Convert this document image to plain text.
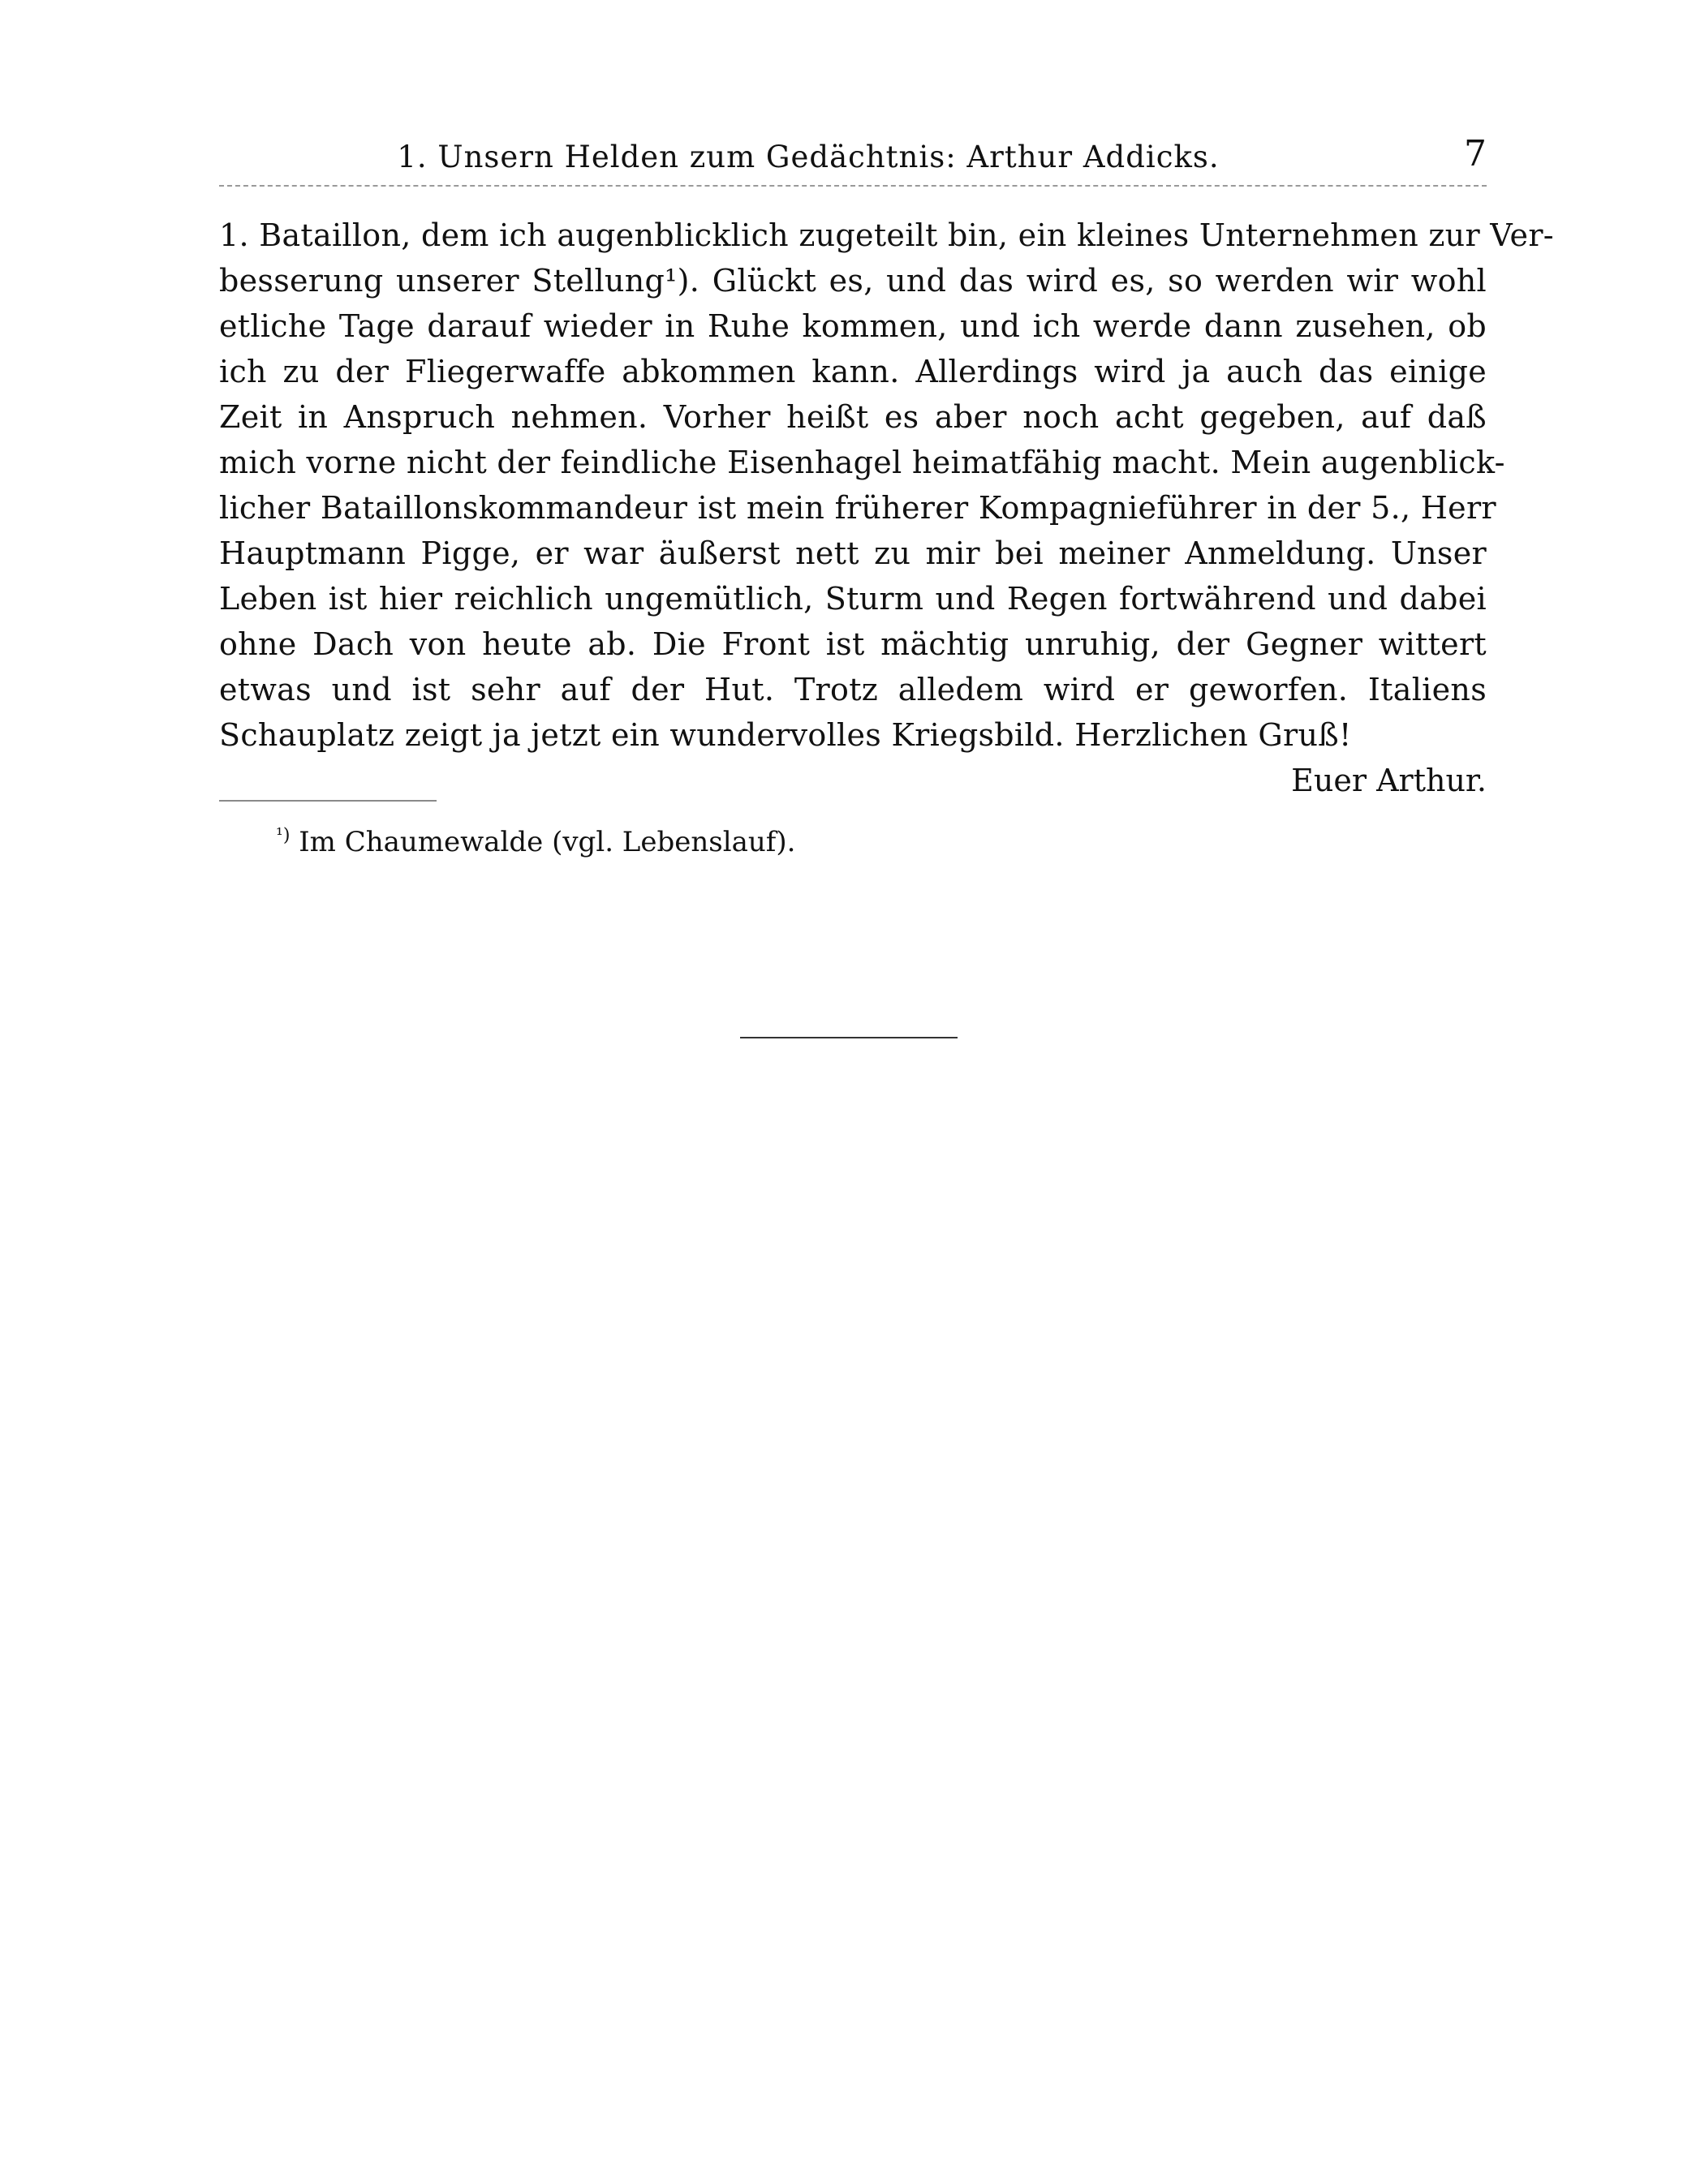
1. Unsern Helden zum Gedächtnis: Arthur Addicks.	7
1. Bataillon, dem ich augenblicklich zugeteilt bin, ein kleines Unternehmen zur Ver-
besserung unserer Stellung¹). Glückt es, und das wird es, so werden wir wohl
etliche Tage darauf wieder in Ruhe kommen, und ich werde dann zusehen, ob
ich zu der Fliegerwaffe abkommen kann. Allerdings wird ja auch das einige
Zeit in Anspruch nehmen. Vorher heißt es aber noch acht gegeben, auf daß
mich vorne nicht der feindliche Eisenhagel heimatfähig macht. Mein augenblick-
licher Bataillonskommandeur ist mein früherer Kompagnieführer in der 5., Herr
Hauptmann Pigge, er war äußerst nett zu mir bei meiner Anmeldung. Unser
Leben ist hier reichlich ungemütlich, Sturm und Regen fortwährend und dabei
ohne Dach von heute ab. Die Front ist mächtig unruhig, der Gegner wittert
etwas und ist sehr auf der Hut. Trotz alledem wird er geworfen. Italiens
Schauplatz zeigt ja jetzt ein wundervolles Kriegsbild. Herzlichen Gruß!
Euer Arthur.
$^{^1)}$ Im Chaumewalde (vgl. Lebenslauf).
